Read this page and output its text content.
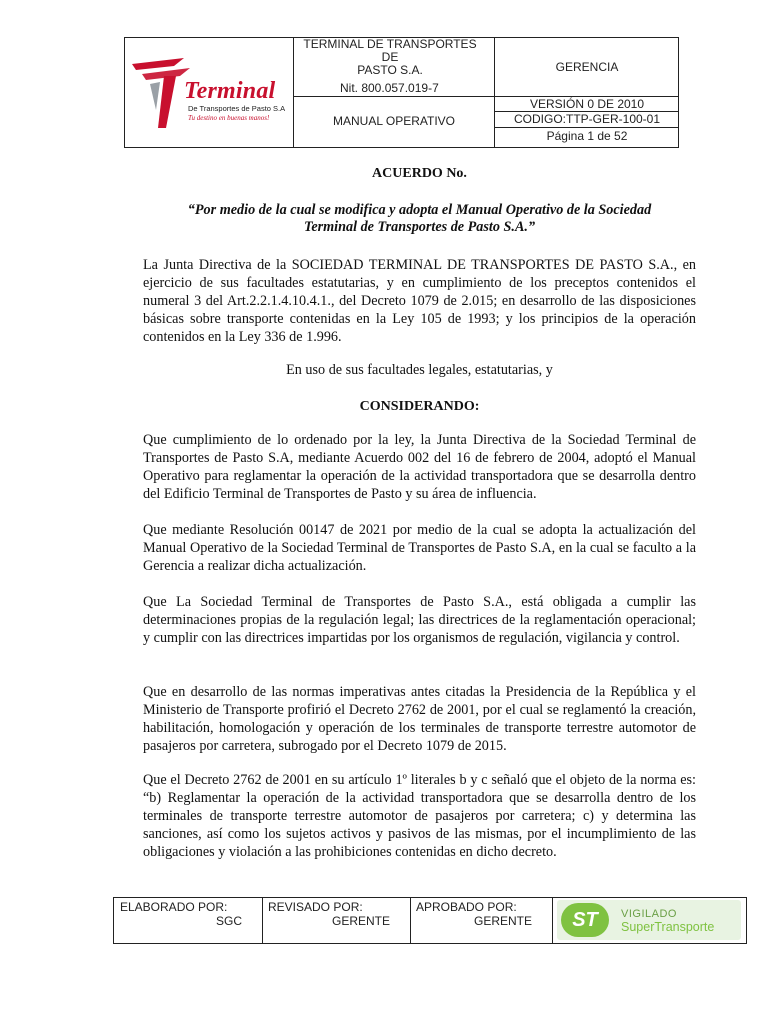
Terminal
De Transportes de Pasto S.A
Tu destino en buenas manos!
TERMINAL DE TRANSPORTES
DE
PASTO S.A.
Nit. 800.057.019-7
GERENCIA
MANUAL OPERATIVO
VERSIÓN 0 DE 2010
CODIGO:TTP-GER-100-01
Página 1 de 52
ACUERDO No.
“Por medio de la cual se modifica y adopta el Manual Operativo de la Sociedad
Terminal de Transportes de Pasto S.A.”
La Junta Directiva de la SOCIEDAD TERMINAL DE TRANSPORTES DE PASTO S.A., en ejercicio de sus facultades estatutarias, y en cumplimiento de los preceptos contenidos el numeral 3 del Art.2.2.1.4.10.4.1., del Decreto 1079 de 2.015; en desarrollo de las disposiciones básicas sobre transporte contenidas en la Ley 105 de 1993; y los principios de la operación contenidos en la Ley 336 de 1.996.
En uso de sus facultades legales, estatutarias, y
CONSIDERANDO:
Que cumplimiento de lo ordenado por la ley, la Junta Directiva de la Sociedad Terminal de Transportes de Pasto S.A, mediante Acuerdo 002 del 16 de febrero de 2004, adoptó el Manual Operativo para reglamentar la operación de la actividad transportadora que se desarrolla dentro del Edificio Terminal de Transportes de Pasto y su área de influencia.
Que mediante Resolución 00147 de 2021 por medio de la cual se adopta la actualización del Manual Operativo de la Sociedad Terminal de Transportes de Pasto S.A, en la cual se faculto a la Gerencia a realizar dicha actualización.
Que La Sociedad Terminal de Transportes de Pasto S.A., está obligada a cumplir las determinaciones propias de la regulación legal; las directrices de la reglamentación operacional; y cumplir con las directrices impartidas por los organismos de regulación, vigilancia y control.
Que en desarrollo de las normas imperativas antes citadas la Presidencia de la República y el Ministerio de Transporte profirió el Decreto 2762 de 2001, por el cual se reglamentó la creación, habilitación, homologación y operación de los terminales de transporte terrestre automotor de pasajeros por carretera, subrogado por el Decreto 1079 de 2015.
Que el Decreto 2762 de 2001 en su artículo 1º literales b y c señaló que el objeto de la norma es: “b) Reglamentar la operación de la actividad transportadora que se desarrolla dentro de los terminales de transporte terrestre automotor de pasajeros por carretera; c) y determina las sanciones, así como los sujetos activos y pasivos de las mismas, por el incumplimiento de las obligaciones y violación a las prohibiciones contenidas en dicho decreto.
ELABORADO POR:
SGC
REVISADO POR:
GERENTE
APROBADO POR:
GERENTE	ST	VIGILADO
SuperTransporte
